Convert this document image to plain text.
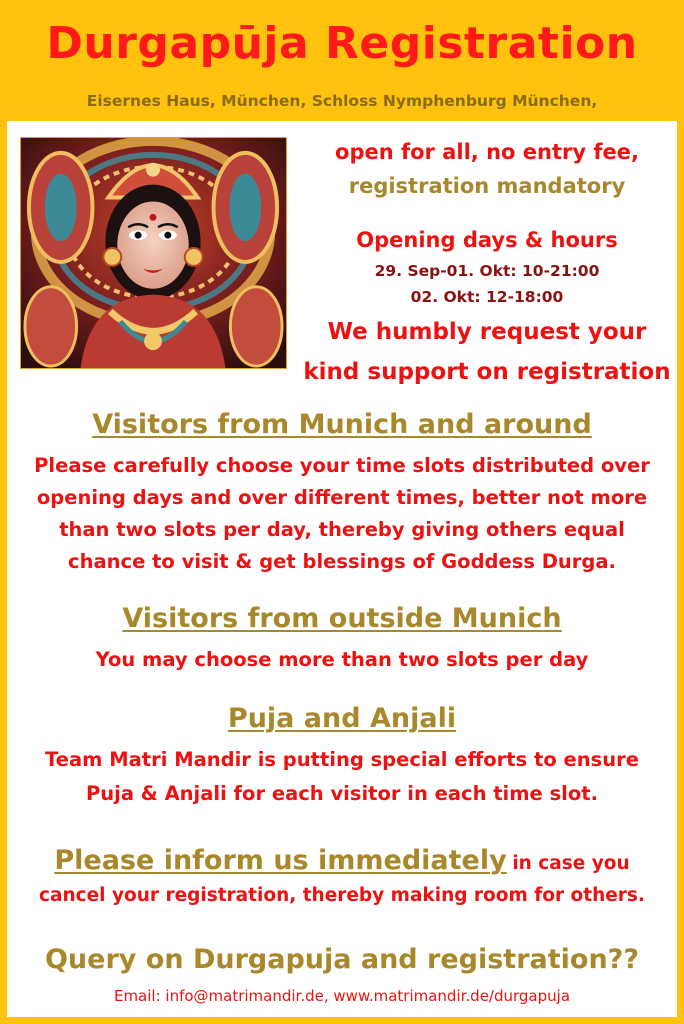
Durgapūja Registration
Eisernes Haus, München, Schloss Nymphenburg München,
open for all, no entry fee,
registration mandatory
Opening days & hours
29. Sep-01. Okt: 10-21:00
02. Okt: 12-18:00
We humbly request your
kind support on registration
Visitors from Munich and around
Please carefully choose your time slots distributed over
opening days and over different times, better not more
than two slots per day, thereby giving others equal
chance to visit & get blessings of Goddess Durga.
Visitors from outside Munich
You may choose more than two slots per day
Puja and Anjali
Team Matri Mandir is putting special efforts to ensure
Puja & Anjali for each visitor in each time slot.
Please inform us immediately in case you
cancel your registration, thereby making room for others.
Query on Durgapuja and registration??
Email: info@matrimandir.de, www.matrimandir.de/durgapuja
